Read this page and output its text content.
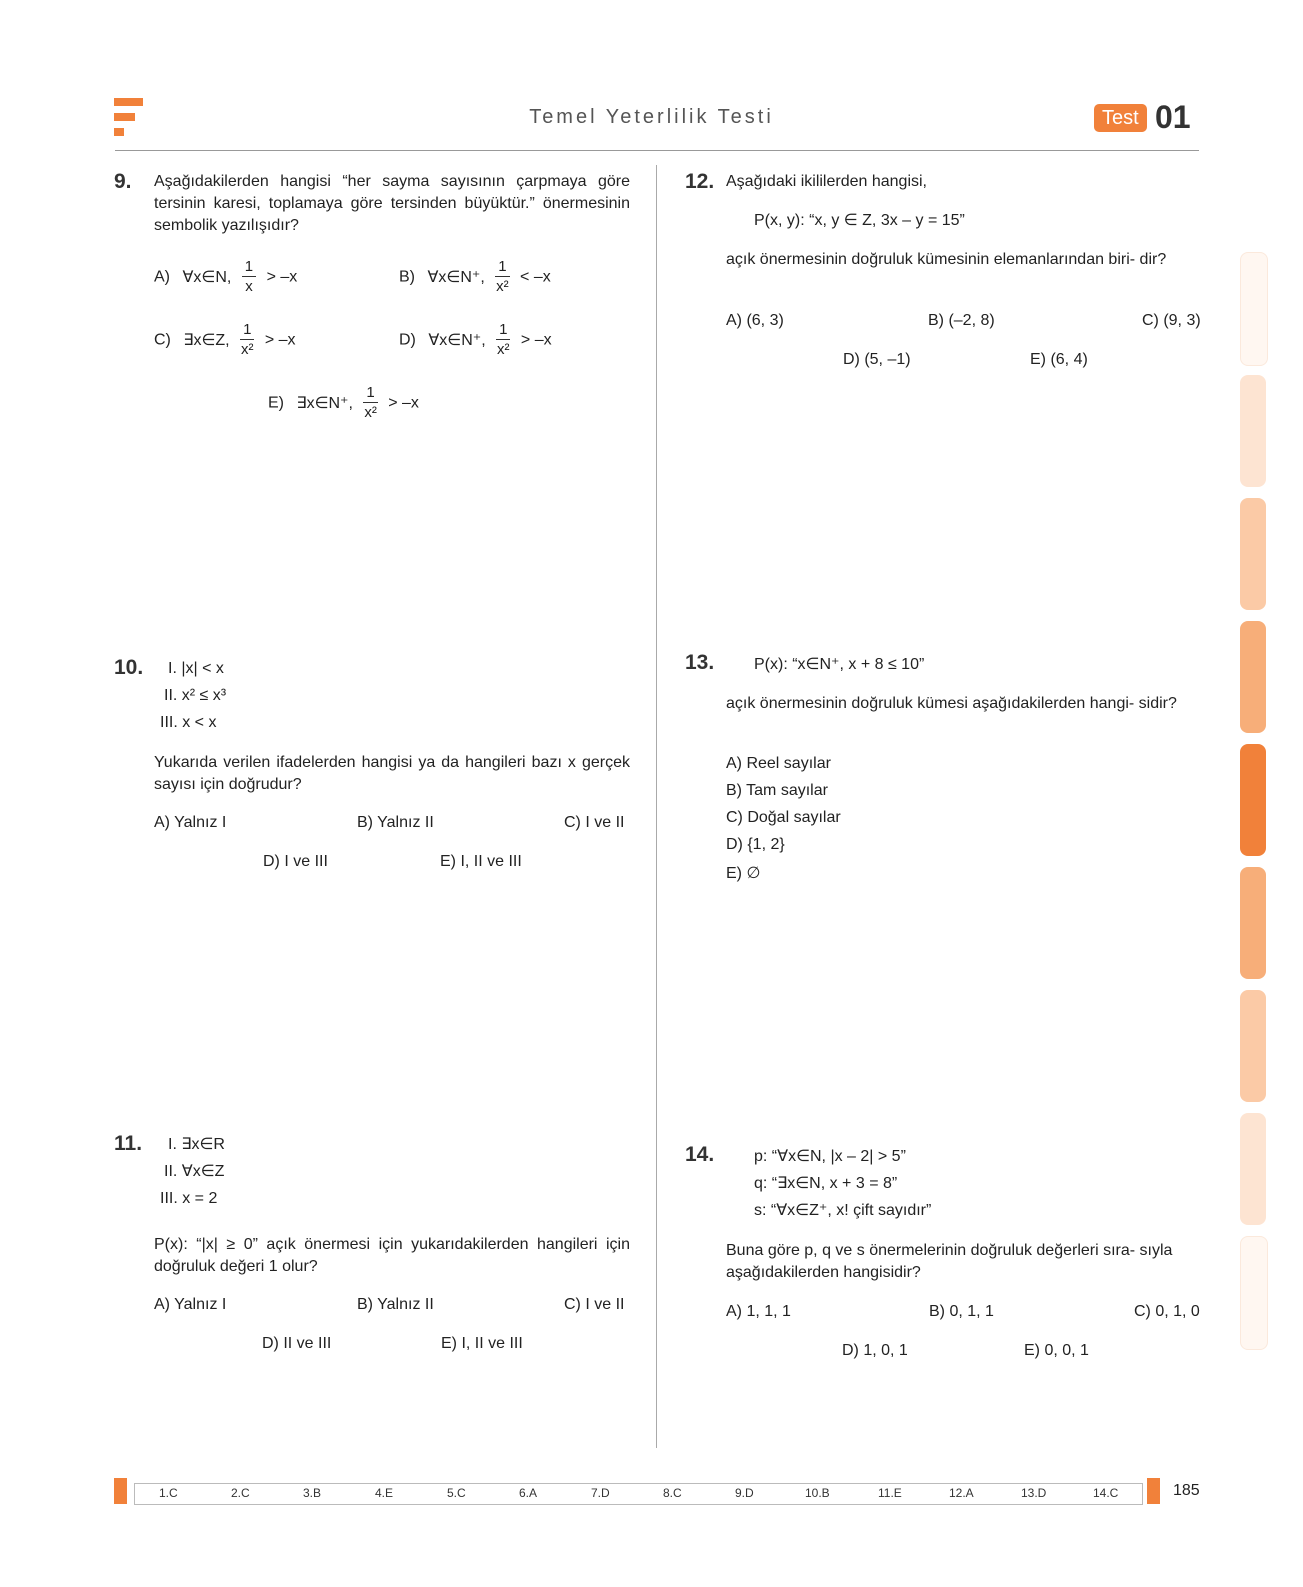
Temel Yeterlilik Testi	Test 01
9. Aşağıdakilerden hangisi “her sayma sayısının çarpmaya göre tersinin karesi, toplamaya göre tersinden büyüktür.” önermesinin sembolik yazılışıdır?
A) ∀x∈N, $\frac{1}{x} > -x$	B) ∀x∈N⁺, $\frac{1}{\text{x²}} < -x$
C) ∃x∈Z, $\frac{1}{\text{x²}} > -x$	D) ∀x∈N⁺, $\frac{1}{\text{x²}} > -x$
E) ∃x∈N⁺, $\frac{1}{\text{x²}} > -x$
10. I. |x| < x
II. x² ≤ x³
III. x < x
Yukarıda verilen ifadelerden hangisi ya da hangileri bazı x gerçek sayısı için doğrudur?
A) Yalnız I	B) Yalnız II	C) I ve II
D) I ve III	E) I, II ve III
11. I. ∃x∈R
II. ∀x∈Z
III. x = 2
P(x): “|x| ≥ 0” açık önermesi için yukarıdakilerden hangileri için doğruluk değeri 1 olur?
A) Yalnız I	B) Yalnız II	C) I ve II
D) II ve III	E) I, II ve III
12. Aşağıdaki ikililerden hangisi,
P(x, y): “x, y ∈ Z, 3x – y = 15”
açık önermesinin doğruluk kümesinin elemanlarından biri- dir?
A) (6, 3)	B) (–2, 8)	C) (9, 3)
D) (5, –1)	E) (6, 4)
13. P(x): “x∈N⁺, x + 8 ≤ 10”
açık önermesinin doğruluk kümesi aşağıdakilerden hangi- sidir?
A) Reel sayılar
B) Tam sayılar
C) Doğal sayılar
D) {1, 2}
E) ∅
14. p: “∀x∈N, |x – 2| > 5”
q: “∃x∈N, x + 3 = 8”
s: “∀x∈Z⁺, x! çift sayıdır”
Buna göre p, q ve s önermelerinin doğruluk değerleri sıra- sıyla aşağıdakilerden hangisidir?
A) 1, 1, 1	B) 0, 1, 1	C) 0, 1, 0
D) 1, 0, 1	E) 0, 0, 1
1.C	2.C	3.B	4.E	5.C	6.A	7.D	8.C	9.D	10.B	11.E	12.A	13.D	14.C	185
